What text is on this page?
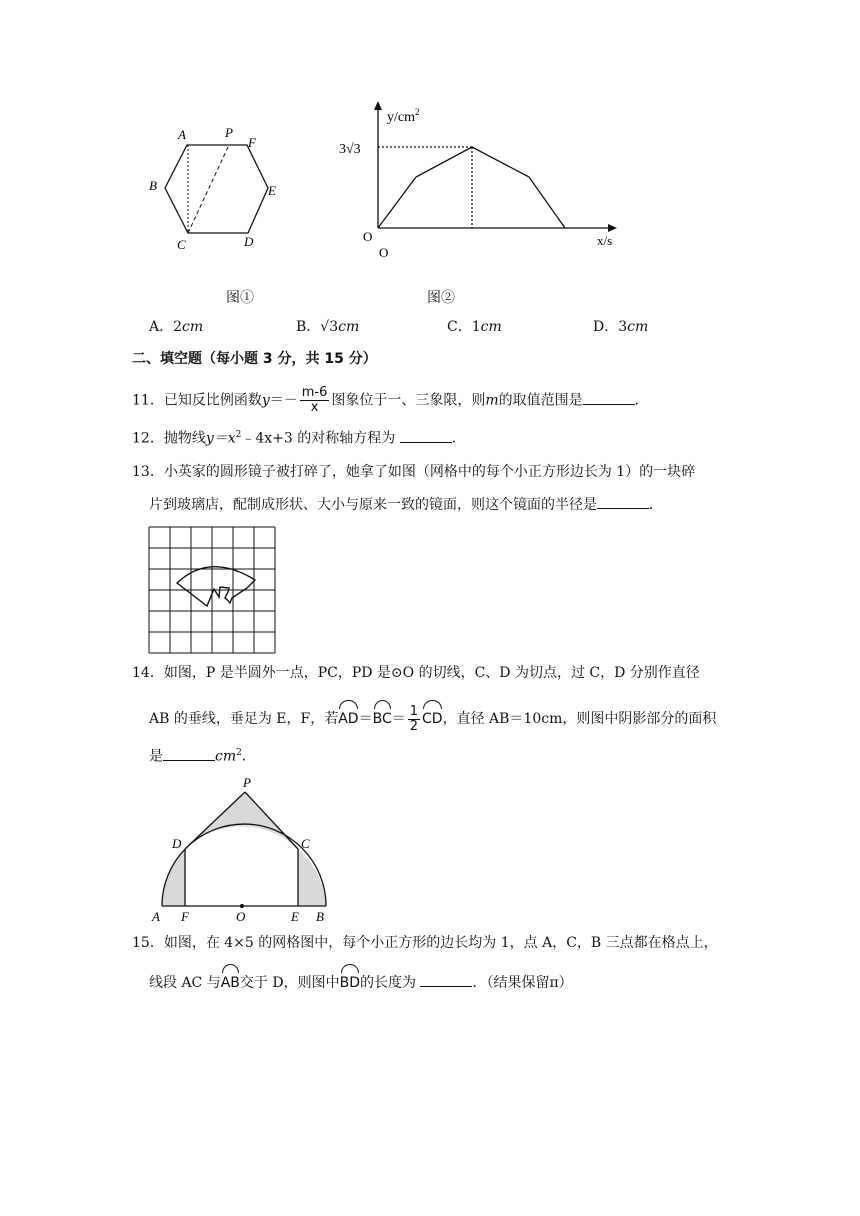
A	P
F
B	E
C	D
$y/cm^2$
3√3
O
O
x/s
图①	图②
A．2cm	B．√3cm	C．1cm	D．3cm
二、填空题（每小题 3 分，共 15 分）
11．已知反比例函数$y=- \frac{m-6}{x}$ 图象位于一、三象限，则m的取值范围是	．
12．抛物线$y=x^2﹣4x+3$ 的对称轴方程为	．
13．小英家的圆形镜子被打碎了，她拿了如图（网格中的每个小正方形边长为 1）的一块碎
片到玻璃店，配制成形状、大小与原来一致的镜面，则这个镜面的半径是	．
14．如图，P 是半圆外一点，PC，PD 是⊙O 的切线，C、D 为切点，过 C，D 分别作直径
AB 的垂线，垂足为 E，F，若$AD=BC= \frac{1}{2}$ CD，直径 AB＝10cm，则图中阴影部分的面积
是	$cm^2$．
P
D	C
A F	O	E B
15．如图，在 4×5 的网格图中，每个小正方形的边长均为 1，点 A，C，B 三点都在格点上，
线段 AC 与AB交于 D，则图中BD的长度为	．（结果保留π）
